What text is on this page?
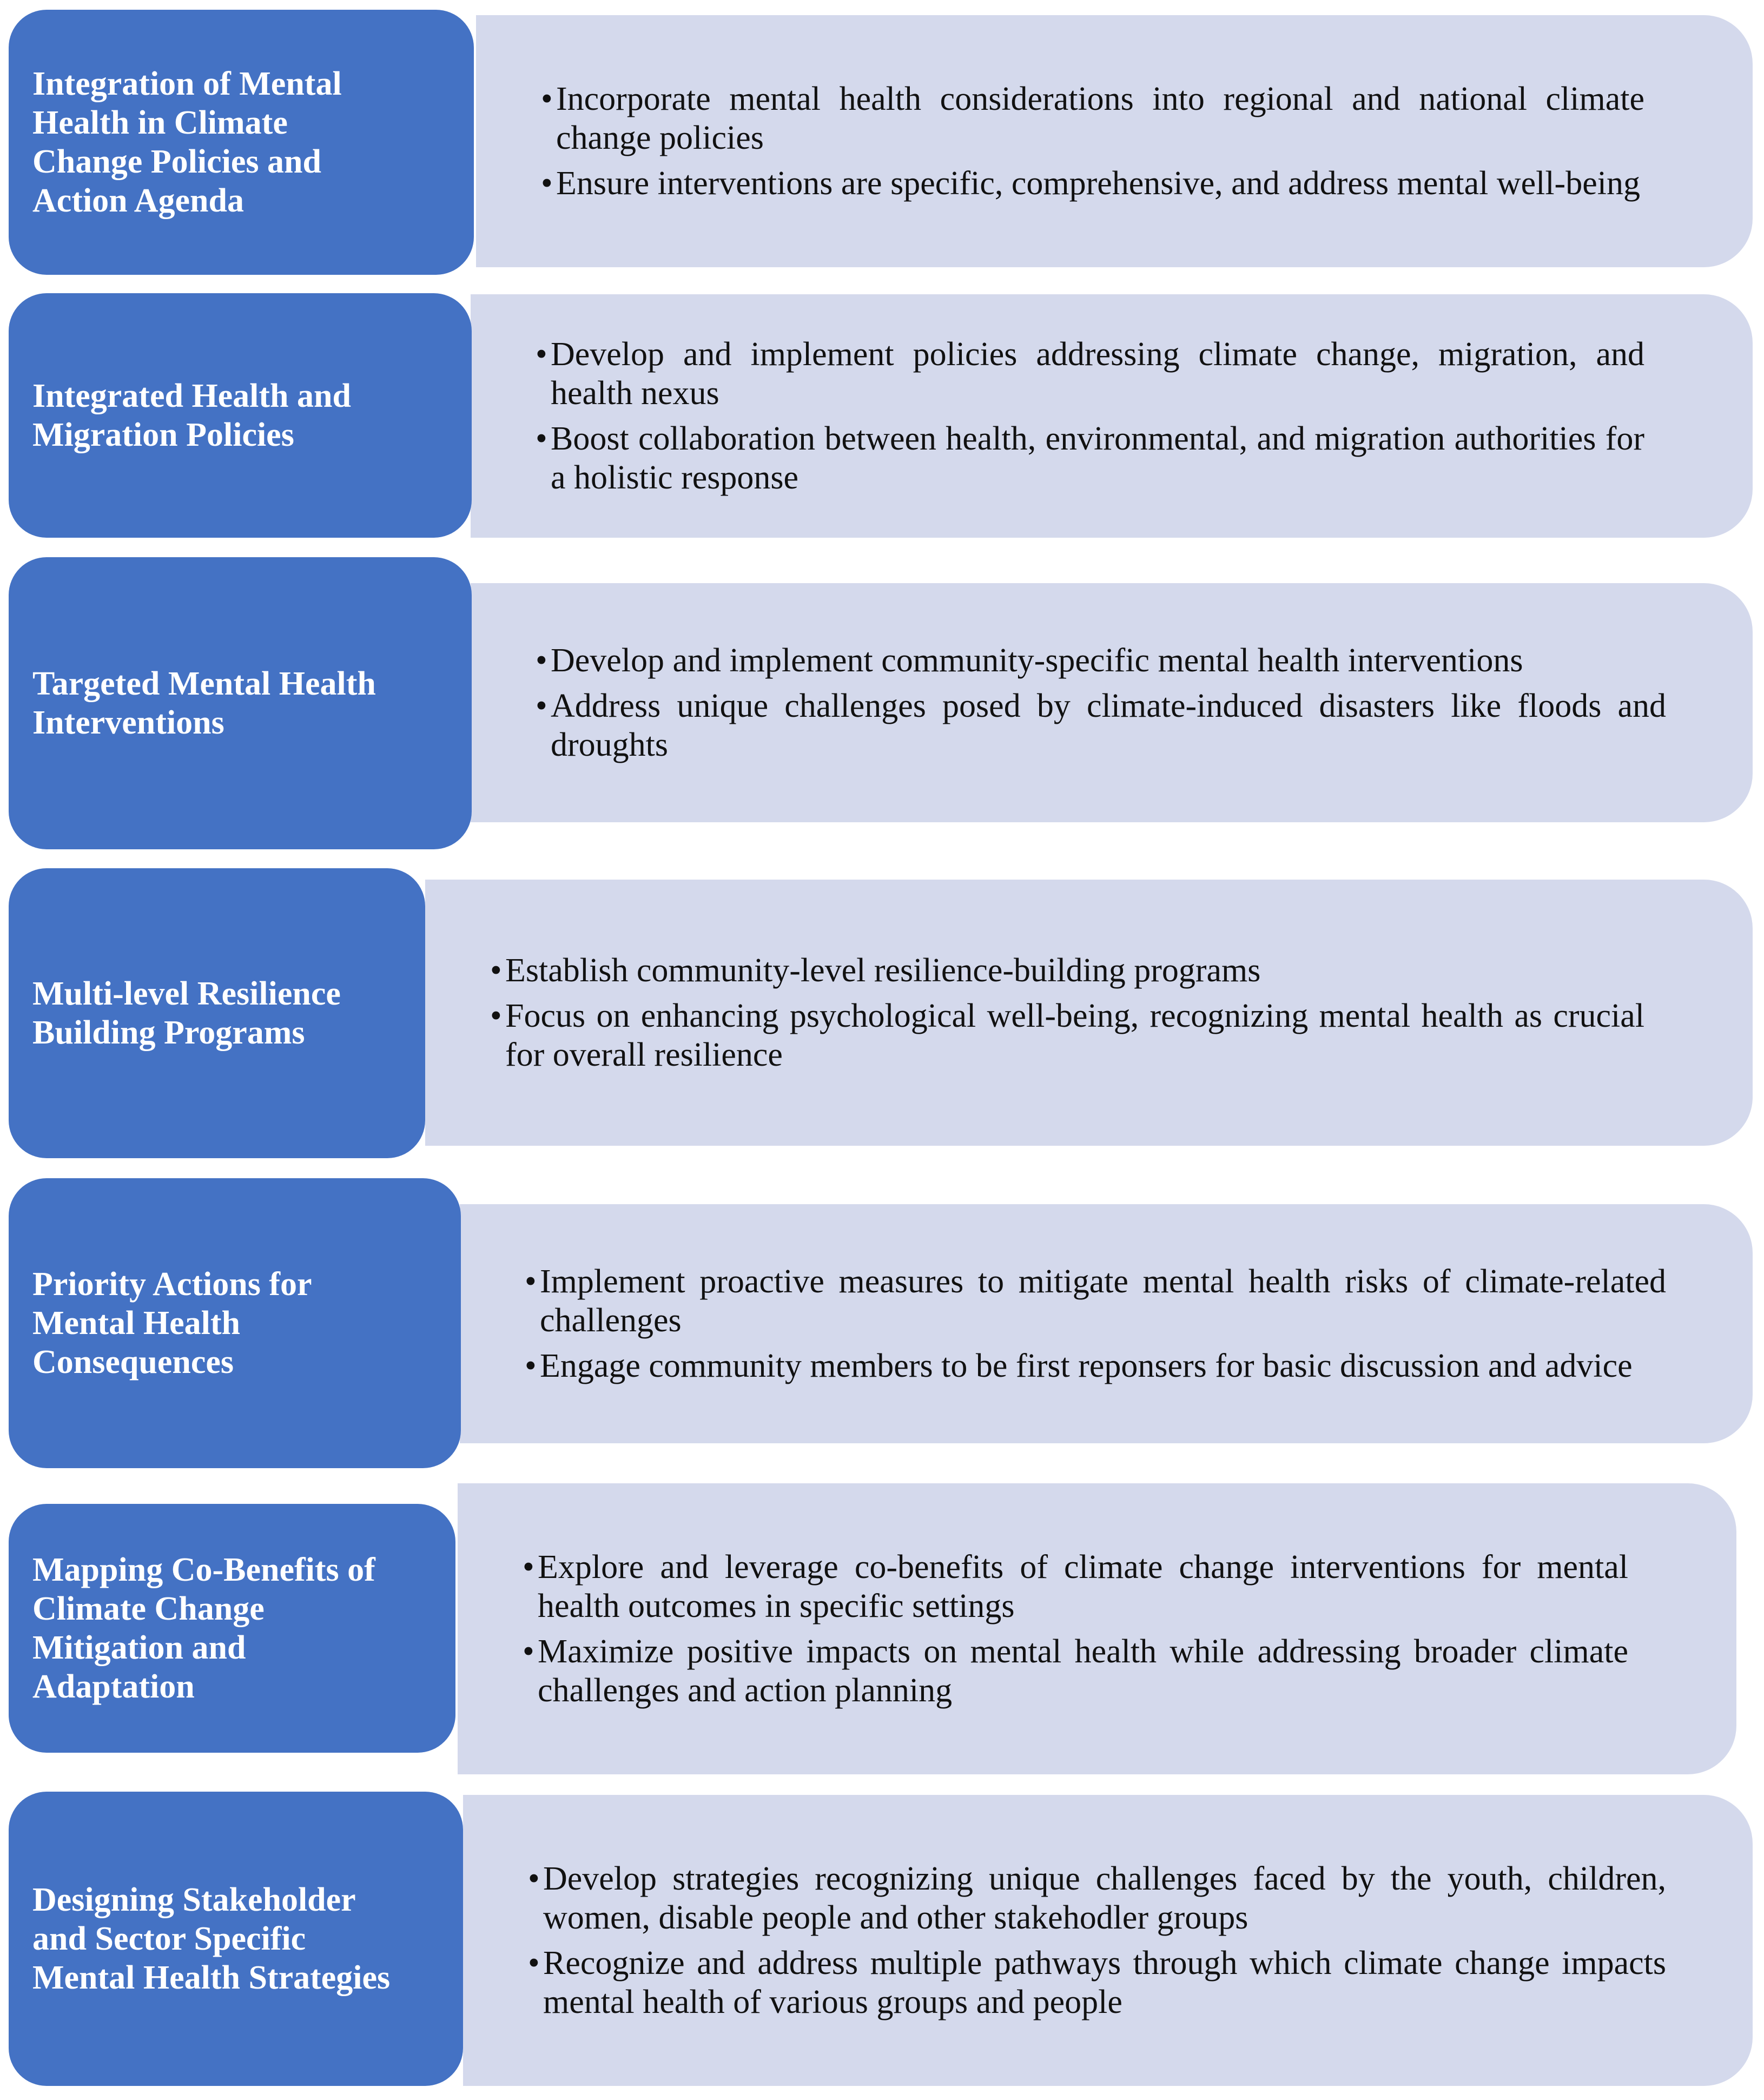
Integration of Mental
Health in Climate
Change Policies and
Action Agenda
• Incorporate mental health considerations into regional and national climate change policies
• Ensure interventions are specific, comprehensive, and address mental well-being
Integrated Health and
Migration Policies
• Develop and implement policies addressing climate change, migration, and health nexus
• Boost collaboration between health, environmental, and migration authorities for a holistic response
Targeted Mental Health
Interventions
• Develop and implement community-specific mental health interventions
• Address unique challenges posed by climate-induced disasters like floods and droughts
Multi-level Resilience
Building Programs
• Establish community-level resilience-building programs
• Focus on enhancing psychological well-being, recognizing mental health as crucial for overall resilience
Priority Actions for
Mental Health
Consequences
• Implement proactive measures to mitigate mental health risks of climate-related challenges
• Engage community members to be first reponsers for basic discussion and advice
Mapping Co-Benefits of
Climate Change
Mitigation and
Adaptation
• Explore and leverage co-benefits of climate change interventions for mental health outcomes in specific settings
• Maximize positive impacts on mental health while addressing broader climate challenges and action planning
Designing Stakeholder
and Sector Specific
Mental Health Strategies
• Develop strategies recognizing unique challenges faced by the youth, children, women, disable people and other stakehodler groups
• Recognize and address multiple pathways through which climate change impacts mental health of various groups and people
